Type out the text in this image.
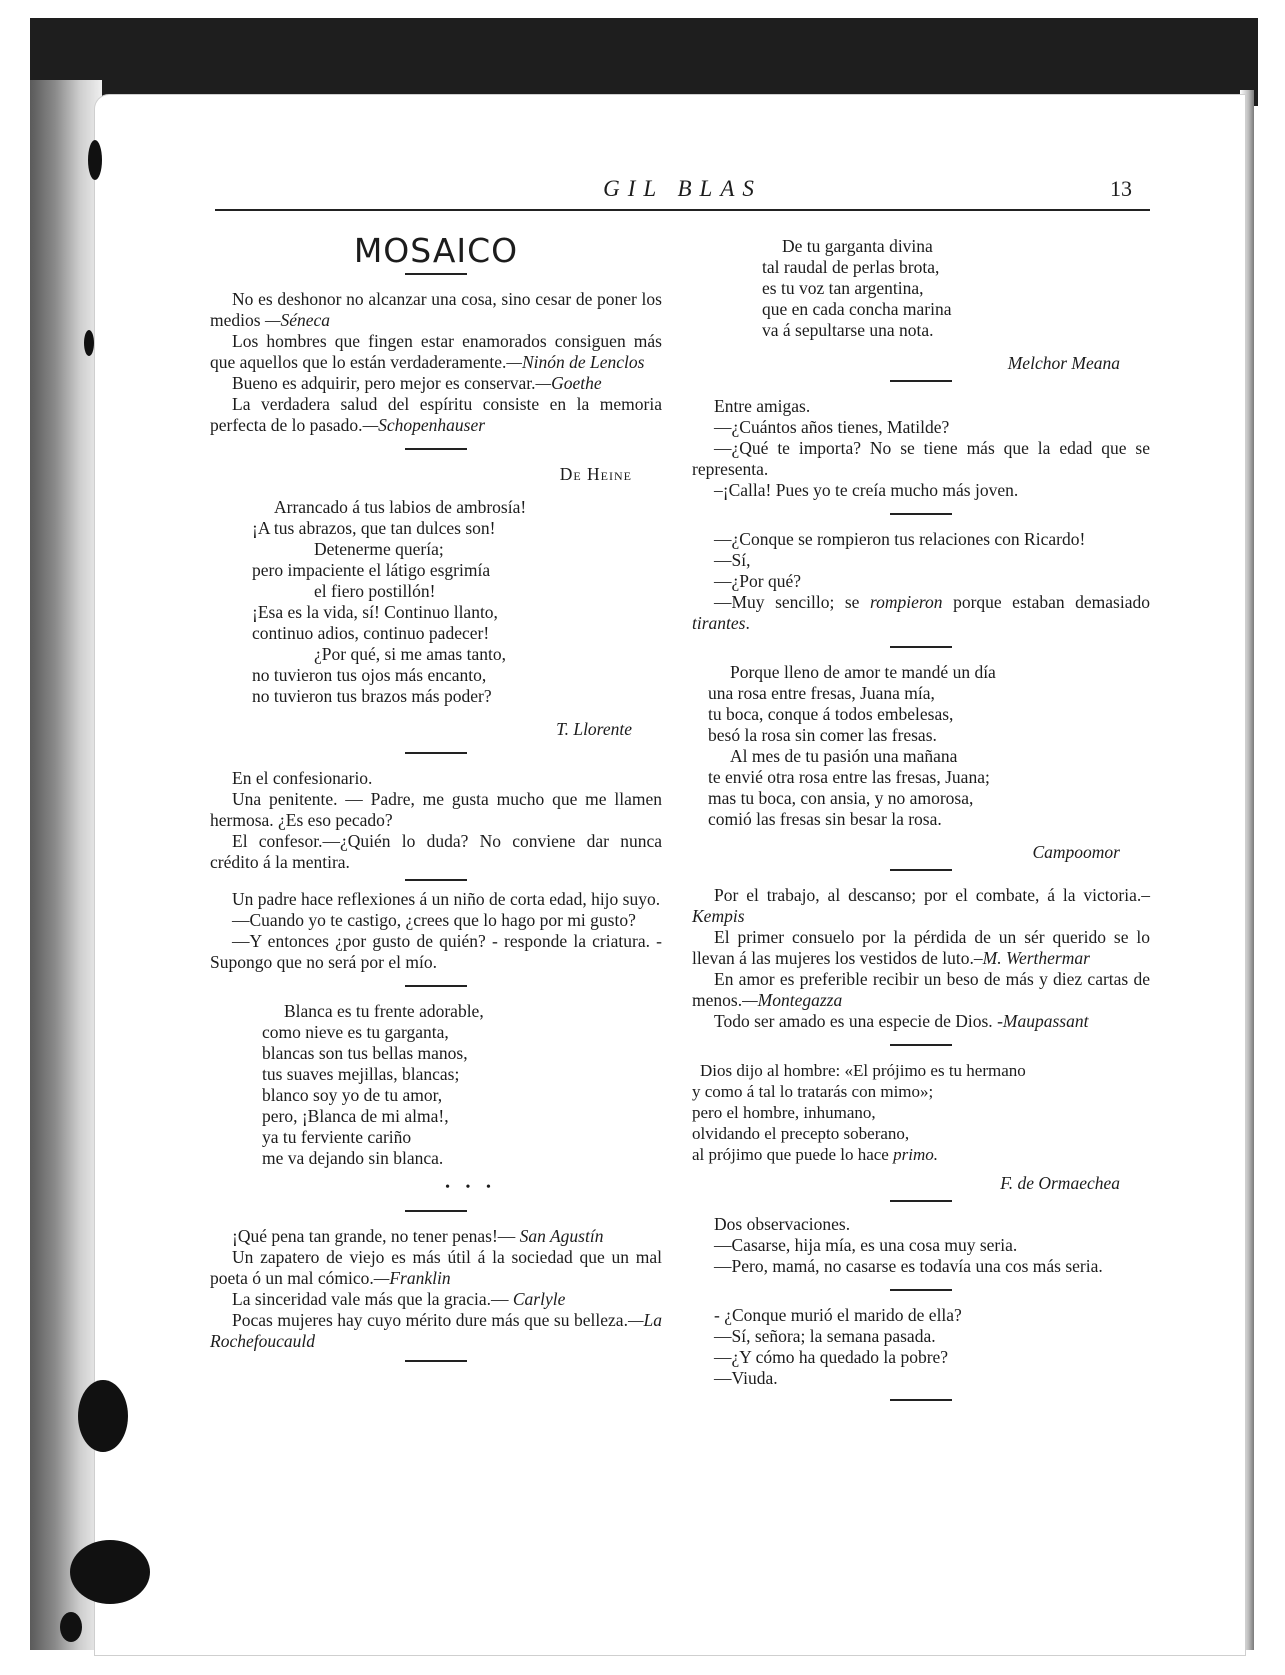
GIL BLAS	13
MOSAICO

No es deshonor no alcanzar una cosa, sino cesar de poner los medios —Séneca

Los hombres que fingen estar enamorados consiguen más que aquellos que lo están verdaderamente.—Ninón de Lenclos

Bueno es adquirir, pero mejor es conservar.—Goethe

La verdadera salud del espíritu consiste en la memoria perfecta de lo pasado.—Schopenhauser

De Heine
Arrancado á tus labios de ambrosía!
¡A tus abrazos, que tan dulces son!
Detenerme quería;
pero impaciente el látigo esgrimía
el fiero postillón!
¡Esa es la vida, sí! Continuo llanto,
continuo adios, continuo padecer!
¿Por qué, si me amas tanto,
no tuvieron tus ojos más encanto,
no tuvieron tus brazos más poder?
T. Llorente

En el confesionario.

Una penitente. — Padre, me gusta mucho que me llamen hermosa. ¿Es eso pecado?

El confesor.—¿Quién lo duda? No conviene dar nunca crédito á la mentira.

Un padre hace reflexiones á un niño de corta edad, hijo suyo.

—Cuando yo te castigo, ¿crees que lo hago por mi gusto?

—Y entonces ¿por gusto de quién? - responde la criatura. - Supongo que no será por el mío.

Blanca es tu frente adorable,
como nieve es tu garganta,
blancas son tus bellas manos,
tus suaves mejillas, blancas;
blanco soy yo de tu amor,
pero, ¡Blanca de mi alma!,
ya tu ferviente cariño
me va dejando sin blanca.
• • •

¡Qué pena tan grande, no tener penas!— San Agustín

Un zapatero de viejo es más útil á la sociedad que un mal poeta ó un mal cómico.—Franklin

La sinceridad vale más que la gracia.— Carlyle

Pocas mujeres hay cuyo mérito dure más que su belleza.—La Rochefoucauld

De tu garganta divina
tal raudal de perlas brota,
es tu voz tan argentina,
que en cada concha marina
va á sepultarse una nota.
Melchor Meana

Entre amigas.

—¿Cuántos años tienes, Matilde?

—¿Qué te importa? No se tiene más que la edad que se representa.

–¡Calla! Pues yo te creía mucho más joven.

—¿Conque se rompieron tus relaciones con Ricardo!

—Sí,

—¿Por qué?

—Muy sencillo; se rompieron porque estaban demasiado tirantes.

Porque lleno de amor te mandé un día
una rosa entre fresas, Juana mía,
tu boca, conque á todos embelesas,
besó la rosa sin comer las fresas.
Al mes de tu pasión una mañana
te envié otra rosa entre las fresas, Juana;
mas tu boca, con ansia, y no amorosa,
comió las fresas sin besar la rosa.
Campoomor

Por el trabajo, al descanso; por el combate, á la victoria.–Kempis

El primer consuelo por la pérdida de un sér querido se lo llevan á las mujeres los vestidos de luto.–M. Werthermar

En amor es preferible recibir un beso de más y diez cartas de menos.—Montegazza

Todo ser amado es una especie de Dios. -Maupassant

Dios dijo al hombre: «El prójimo es tu hermano
y como á tal lo tratarás con mimo»;
pero el hombre, inhumano,
olvidando el precepto soberano,
al prójimo que puede lo hace primo.
F. de Ormaechea

Dos observaciones.

—Casarse, hija mía, es una cosa muy seria.

—Pero, mamá, no casarse es todavía una cos más seria.

- ¿Conque murió el marido de ella?

—Sí, señora; la semana pasada.

—¿Y cómo ha quedado la pobre?

—Viuda.
